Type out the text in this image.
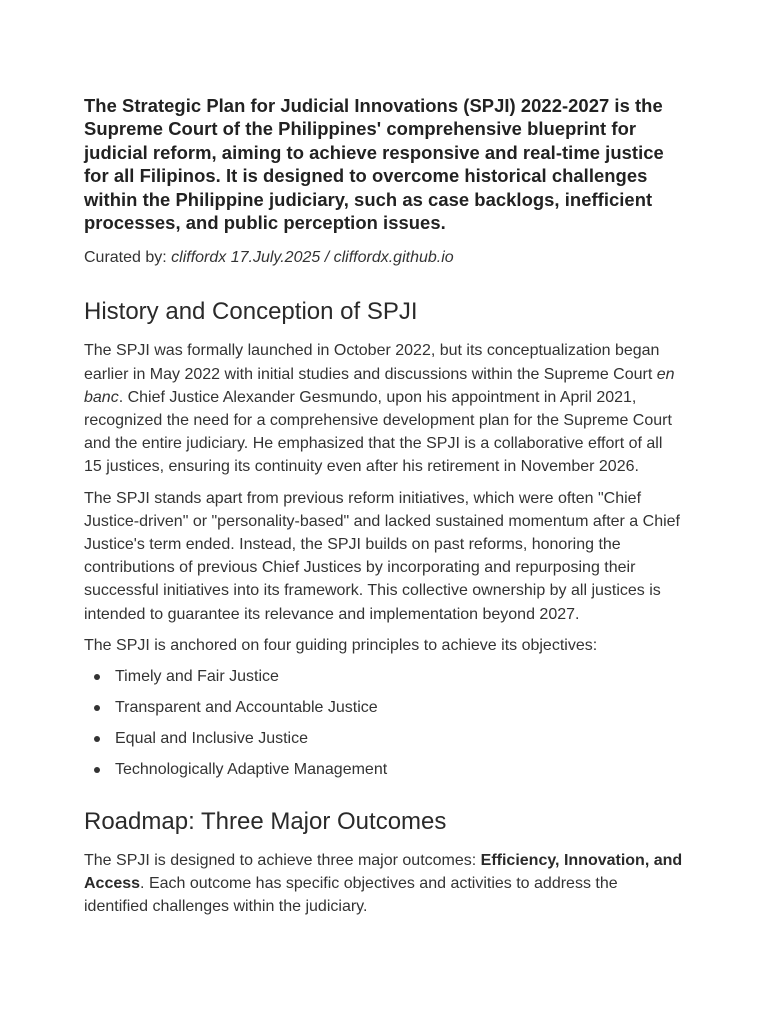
The Strategic Plan for Judicial Innovations (SPJI) 2022-2027 is the Supreme Court of the Philippines' comprehensive blueprint for judicial reform, aiming to achieve responsive and real-time justice for all Filipinos. It is designed to overcome historical challenges within the Philippine judiciary, such as case backlogs, inefficient processes, and public perception issues.

Curated by: cliffordx 17.July.2025 / cliffordx.github.io

History and Conception of SPJI

The SPJI was formally launched in October 2022, but its conceptualization began earlier in May 2022 with initial studies and discussions within the Supreme Court en banc. Chief Justice Alexander Gesmundo, upon his appointment in April 2021, recognized the need for a comprehensive development plan for the Supreme Court and the entire judiciary. He emphasized that the SPJI is a collaborative effort of all 15 justices, ensuring its continuity even after his retirement in November 2026.

The SPJI stands apart from previous reform initiatives, which were often "Chief Justice-driven" or "personality-based" and lacked sustained momentum after a Chief Justice's term ended. Instead, the SPJI builds on past reforms, honoring the contributions of previous Chief Justices by incorporating and repurposing their successful initiatives into its framework. This collective ownership by all justices is intended to guarantee its relevance and implementation beyond 2027.

The SPJI is anchored on four guiding principles to achieve its objectives:

Timely and Fair Justice
Transparent and Accountable Justice
Equal and Inclusive Justice
Technologically Adaptive Management
Roadmap: Three Major Outcomes

The SPJI is designed to achieve three major outcomes: Efficiency, Innovation, and Access. Each outcome has specific objectives and activities to address the identified challenges within the judiciary.
